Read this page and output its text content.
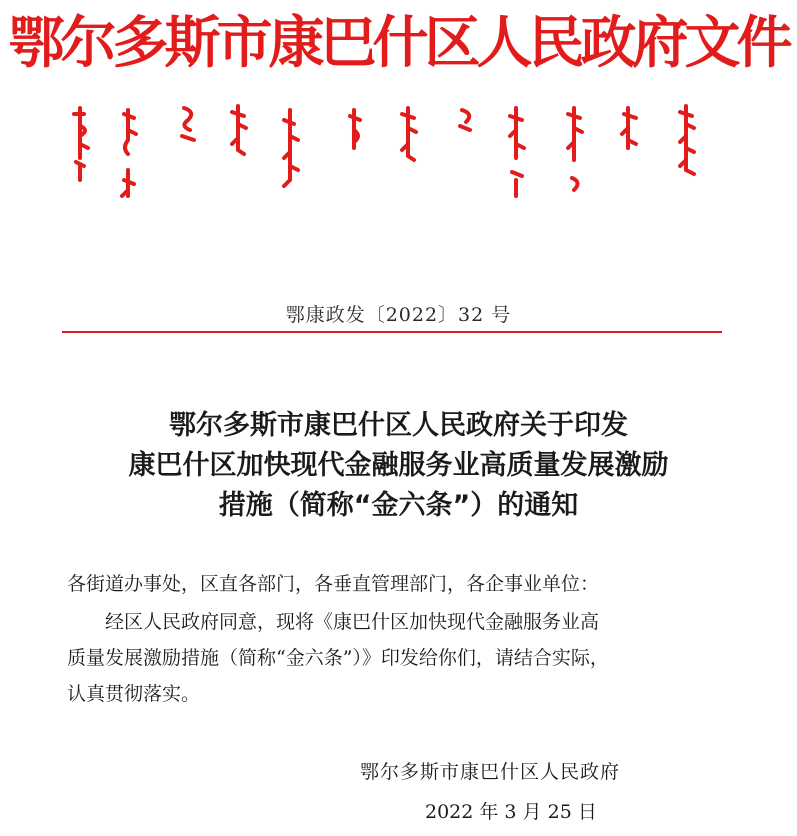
鄂尔多斯市康巴什区人民政府文件
鄂康政发〔2022〕32 号
鄂尔多斯市康巴什区人民政府关于印发
康巴什区加快现代金融服务业高质量发展激励
措施（简称“金六条”）的通知
各街道办事处，区直各部门，各垂直管理部门，各企事业单位：
经区人民政府同意，现将《康巴什区加快现代金融服务业高
质量发展激励措施（简称“金六条”）》印发给你们，请结合实际，
认真贯彻落实。
鄂尔多斯市康巴什区人民政府
2022 年 3 月 25 日
